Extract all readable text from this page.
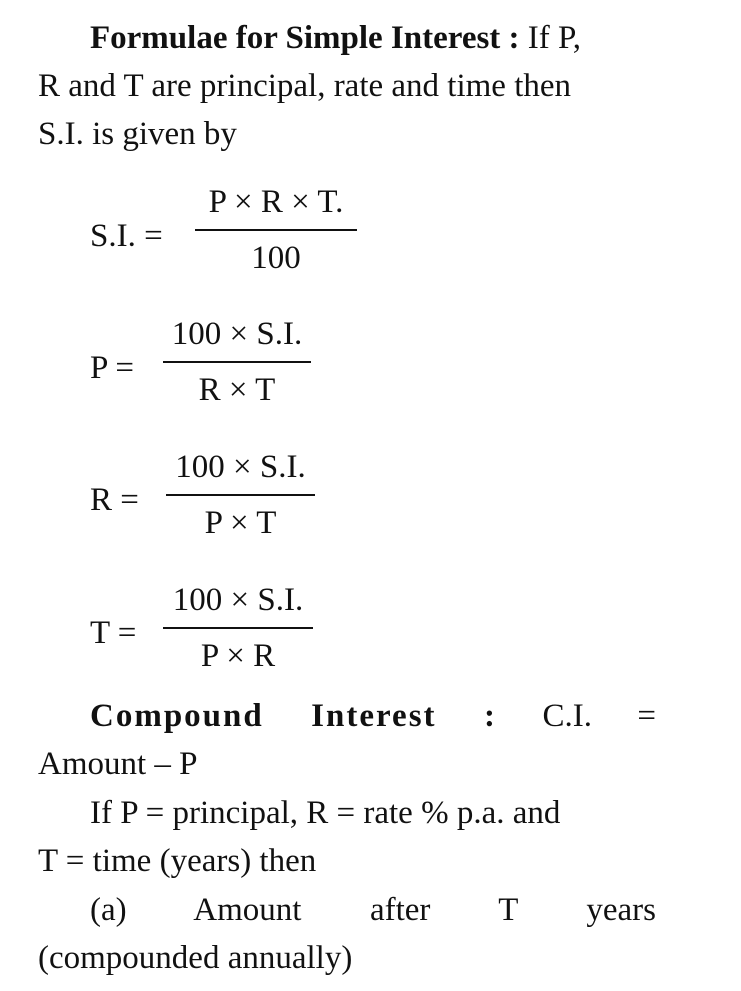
Formulae for Simple Interest : If P,
R and T are principal, rate and time then
S.I. is given by
S.I. =
P × R × T.
100
P =
100 × S.I.
R × T
R =
100 × S.I.
P × T
T =
100 × S.I.
P × R
Compound Interest : C.I. =
Amount – P
If P = principal, R = rate % p.a. and
T = time (years) then
(a) Amount after T years
(compounded annually)
